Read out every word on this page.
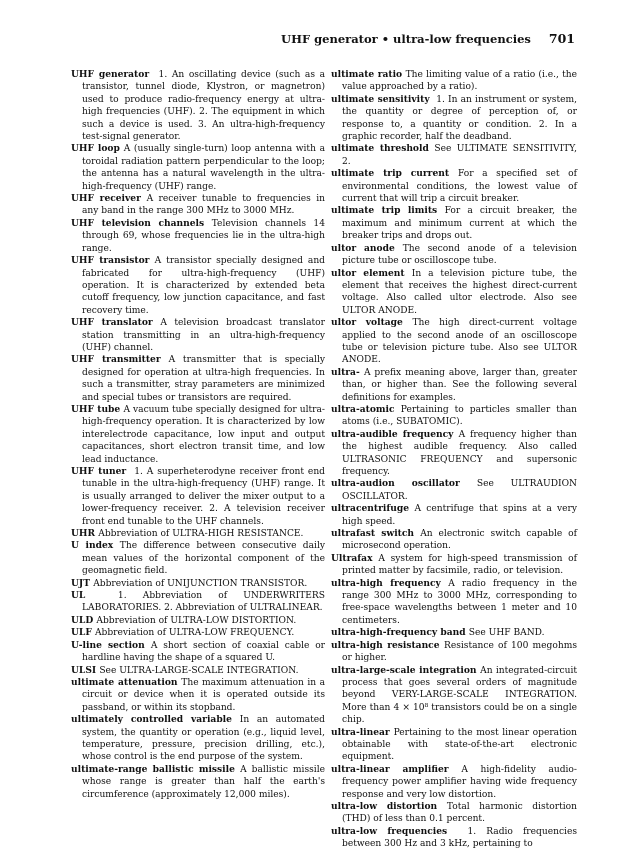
UHF generator • ultra-low frequencies 701

UHF generator 1. An oscillating device (such as a transistor, tunnel diode, Klystron, or magnetron) used to produce radio-frequency energy at ultra-high frequencies (UHF). 2. The equipment in which such a device is used. 3. An ultra-high-frequency test-signal generator.

UHF loop A (usually single-turn) loop antenna with a toroidal radiation pattern perpendicular to the loop; the antenna has a natural wavelength in the ultra-high-frequency (UHF) range.

UHF receiver A receiver tunable to frequencies in any band in the range 300 MHz to 3000 MHz.

UHF television channels Television channels 14 through 69, whose frequencies lie in the ultra-high range.

UHF transistor A transistor specially designed and fabricated for ultra-high-frequency (UHF) operation. It is characterized by extended beta cutoff frequency, low junction capacitance, and fast recovery time.

UHF translator A television broadcast translator station transmitting in an ultra-high-frequency (UHF) channel.

UHF transmitter A transmitter that is specially designed for operation at ultra-high frequencies. In such a transmitter, stray parameters are minimized and special tubes or transistors are required.

UHF tube A vacuum tube specially designed for ultra-high-frequency operation. It is characterized by low interelectrode capacitance, low input and output capacitances, short electron transit time, and low lead inductance.

UHF tuner 1. A superheterodyne receiver front end tunable in the ultra-high-frequency (UHF) range. It is usually arranged to deliver the mixer output to a lower-frequency receiver. 2. A television receiver front end tunable to the UHF channels.

UHR Abbreviation of ULTRA-HIGH RESISTANCE.

U index The difference between consecutive daily mean values of the horizontal component of the geomagnetic field.

UJT Abbreviation of UNIJUNCTION TRANSISTOR.

UL 1. Abbreviation of UNDERWRITERS LABORATORIES. 2. Abbreviation of ULTRALINEAR.

ULD Abbreviation of ULTRA-LOW DISTORTION.

ULF Abbreviation of ULTRA-LOW FREQUENCY.

U-line section A short section of coaxial cable or hardline having the shape of a squared U.

ULSI See ULTRA-LARGE-SCALE INTEGRATION.

ultimate attenuation The maximum attenuation in a circuit or device when it is operated outside its passband, or within its stopband.

ultimately controlled variable In an automated system, the quantity or operation (e.g., liquid level, temperature, pressure, precision drilling, etc.), whose control is the end purpose of the system.

ultimate-range ballistic missile A ballistic missile whose range is greater than half the earth's circumference (approximately 12,000 miles).

ultimate ratio The limiting value of a ratio (i.e., the value approached by a ratio).

ultimate sensitivity 1. In an instrument or system, the quantity or degree of perception of, or response to, a quantity or condition. 2. In a graphic recorder, half the deadband.

ultimate threshold See ULTIMATE SENSITIVITY, 2.

ultimate trip current For a specified set of environmental conditions, the lowest value of current that will trip a circuit breaker.

ultimate trip limits For a circuit breaker, the maximum and minimum current at which the breaker trips and drops out.

ultor anode The second anode of a television picture tube or oscilloscope tube.

ultor element In a television picture tube, the element that receives the highest direct-current voltage. Also called ultor electrode. Also see ULTOR ANODE.

ultor voltage The high direct-current voltage applied to the second anode of an oscilloscope tube or television picture tube. Also see ULTOR ANODE.

ultra- A prefix meaning above, larger than, greater than, or higher than. See the following several definitions for examples.

ultra-atomic Pertaining to particles smaller than atoms (i.e., SUBATOMIC).

ultra-audible frequency A frequency higher than the highest audible frequency. Also called ULTRASONIC FREQUENCY and supersonic frequency.

ultra-audion oscillator See ULTRAUDION OSCILLATOR.

ultracentrifuge A centrifuge that spins at a very high speed.

ultrafast switch An electronic switch capable of microsecond operation.

Ultrafax A system for high-speed transmission of printed matter by facsimile, radio, or television.

ultra-high frequency A radio frequency in the range 300 MHz to 3000 MHz, corresponding to free-space wavelengths between 1 meter and 10 centimeters.

ultra-high-frequency band See UHF BAND.

ultra-high resistance Resistance of 100 megohms or higher.

ultra-large-scale integration An integrated-circuit process that goes several orders of magnitude beyond VERY-LARGE-SCALE INTEGRATION. More than 4 × 10⁸ transistors could be on a single chip.

ultra-linear Pertaining to the most linear operation obtainable with state-of-the-art electronic equipment.

ultra-linear amplifier A high-fidelity audio-frequency power amplifier having wide frequency response and very low distortion.

ultra-low distortion Total harmonic distortion (THD) of less than 0.1 percent.

ultra-low frequencies 1. Radio frequencies between 300 Hz and 3 kHz, pertaining to
